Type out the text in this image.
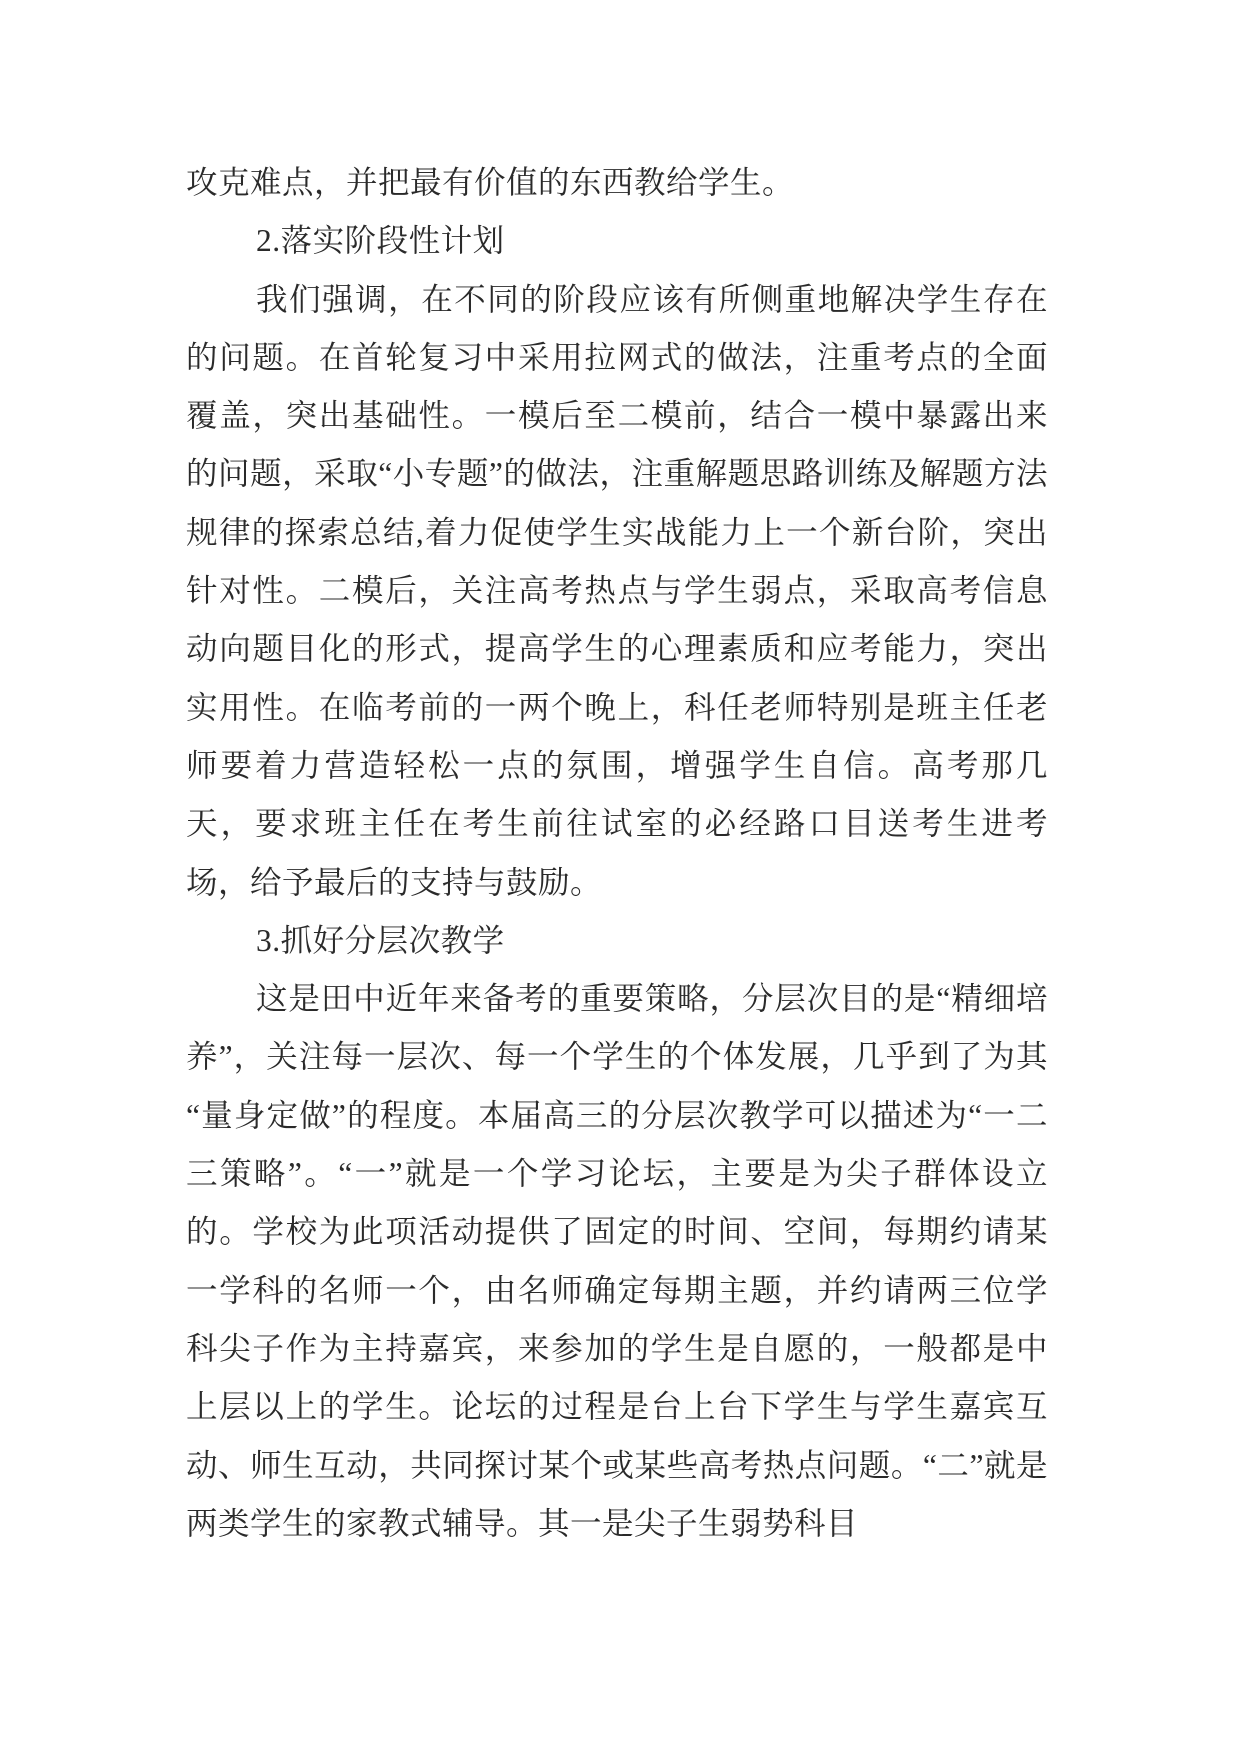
攻克难点，并把最有价值的东西教给学生。

2.落实阶段性计划

我们强调，在不同的阶段应该有所侧重地解决学生存在的问题。在首轮复习中采用拉网式的做法，注重考点的全面覆盖，突出基础性。一模后至二模前，结合一模中暴露出来的问题，采取“小专题”的做法，注重解题思路训练及解题方法规律的探索总结,着力促使学生实战能力上一个新台阶，突出针对性。二模后，关注高考热点与学生弱点，采取高考信息动向题目化的形式，提高学生的心理素质和应考能力，突出实用性。在临考前的一两个晚上，科任老师特别是班主任老师要着力营造轻松一点的氛围，增强学生自信。高考那几天，要求班主任在考生前往试室的必经路口目送考生进考场，给予最后的支持与鼓励。

3.抓好分层次教学

这是田中近年来备考的重要策略，分层次目的是“精细培养”，关注每一层次、每一个学生的个体发展，几乎到了为其“量身定做”的程度。本届高三的分层次教学可以描述为“一二三策略”。“一”就是一个学习论坛，主要是为尖子群体设立的。学校为此项活动提供了固定的时间、空间，每期约请某一学科的名师一个，由名师确定每期主题，并约请两三位学科尖子作为主持嘉宾，来参加的学生是自愿的，一般都是中上层以上的学生。论坛的过程是台上台下学生与学生嘉宾互动、师生互动，共同探讨某个或某些高考热点问题。“二”就是两类学生的家教式辅导。其一是尖子生弱势科目
